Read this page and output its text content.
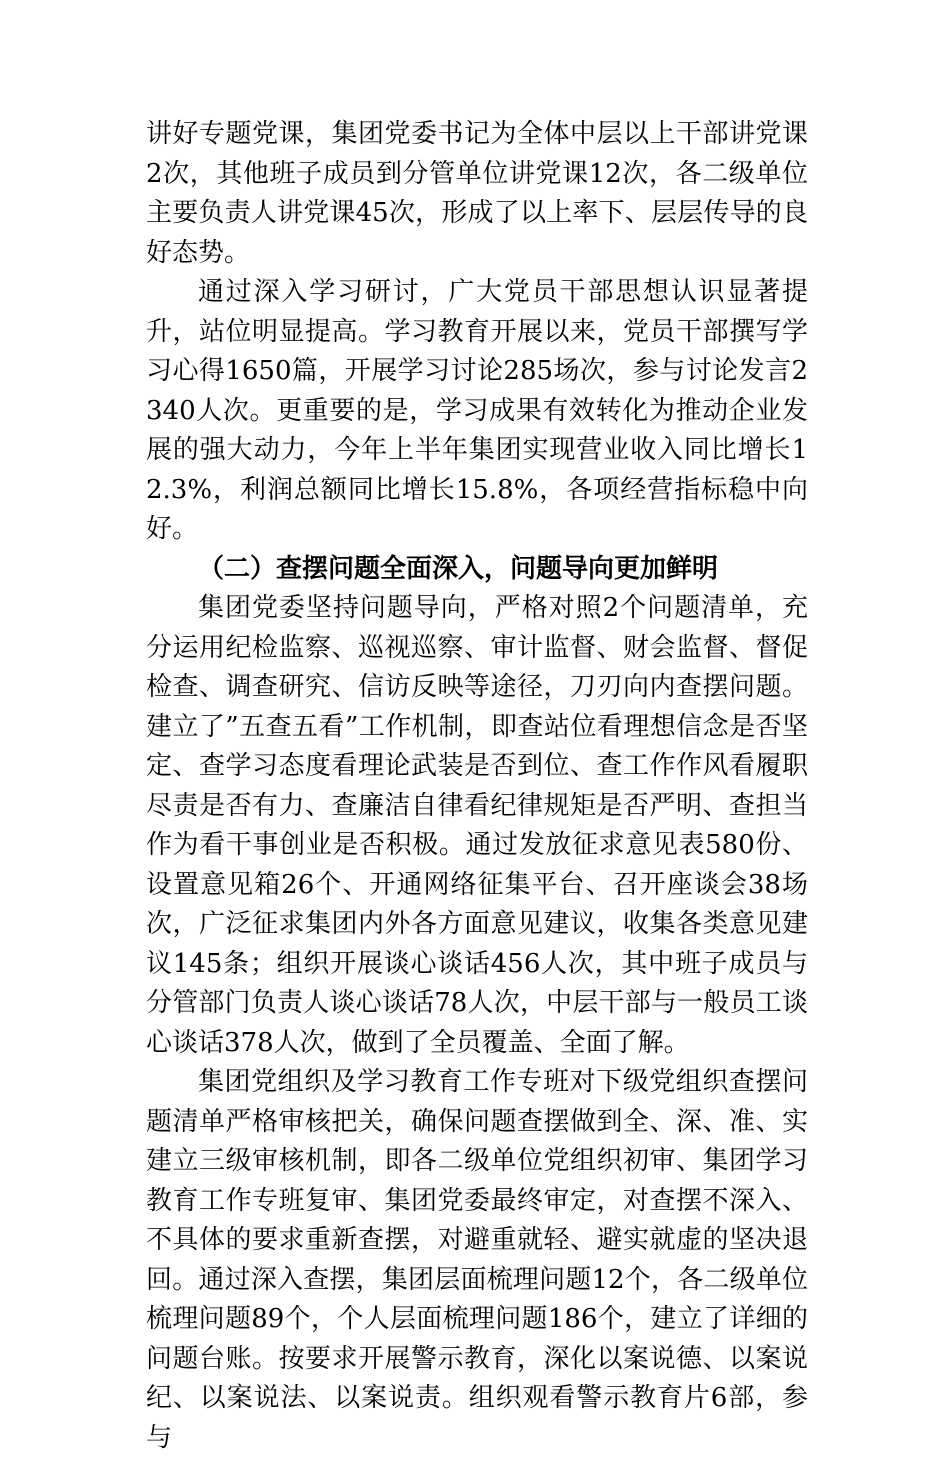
讲好专题党课，集团党委书记为全体中层以上干部讲党课2次，其他班子成员到分管单位讲党课12次，各二级单位主要负责人讲党课45次，形成了以上率下、层层传导的良好态势。

通过深入学习研讨，广大党员干部思想认识显著提升，站位明显提高。学习教育开展以来，党员干部撰写学习心得1650篇，开展学习讨论285场次，参与讨论发言2340人次。更重要的是，学习成果有效转化为推动企业发展的强大动力，今年上半年集团实现营业收入同比增长12.3%，利润总额同比增长15.8%，各项经营指标稳中向好。

（二）查摆问题全面深入，问题导向更加鲜明

集团党委坚持问题导向，严格对照2个问题清单，充分运用纪检监察、巡视巡察、审计监督、财会监督、督促检查、调查研究、信访反映等途径，刀刃向内查摆问题。建立了”五查五看”工作机制，即查站位看理想信念是否坚定、查学习态度看理论武装是否到位、查工作作风看履职尽责是否有力、查廉洁自律看纪律规矩是否严明、查担当作为看干事创业是否积极。通过发放征求意见表580份、设置意见箱26个、开通网络征集平台、召开座谈会38场次，广泛征求集团内外各方面意见建议，收集各类意见建议145条；组织开展谈心谈话456人次，其中班子成员与分管部门负责人谈心谈话78人次，中层干部与一般员工谈心谈话378人次，做到了全员覆盖、全面了解。

集团党组织及学习教育工作专班对下级党组织查摆问题清单严格审核把关，确保问题查摆做到全、深、准、实建立三级审核机制，即各二级单位党组织初审、集团学习教育工作专班复审、集团党委最终审定，对查摆不深入、不具体的要求重新查摆，对避重就轻、避实就虚的坚决退回。通过深入查摆，集团层面梳理问题12个，各二级单位梳理问题89个，个人层面梳理问题186个，建立了详细的问题台账。按要求开展警示教育，深化以案说德、以案说纪、以案说法、以案说责。组织观看警示教育片6部，参与
